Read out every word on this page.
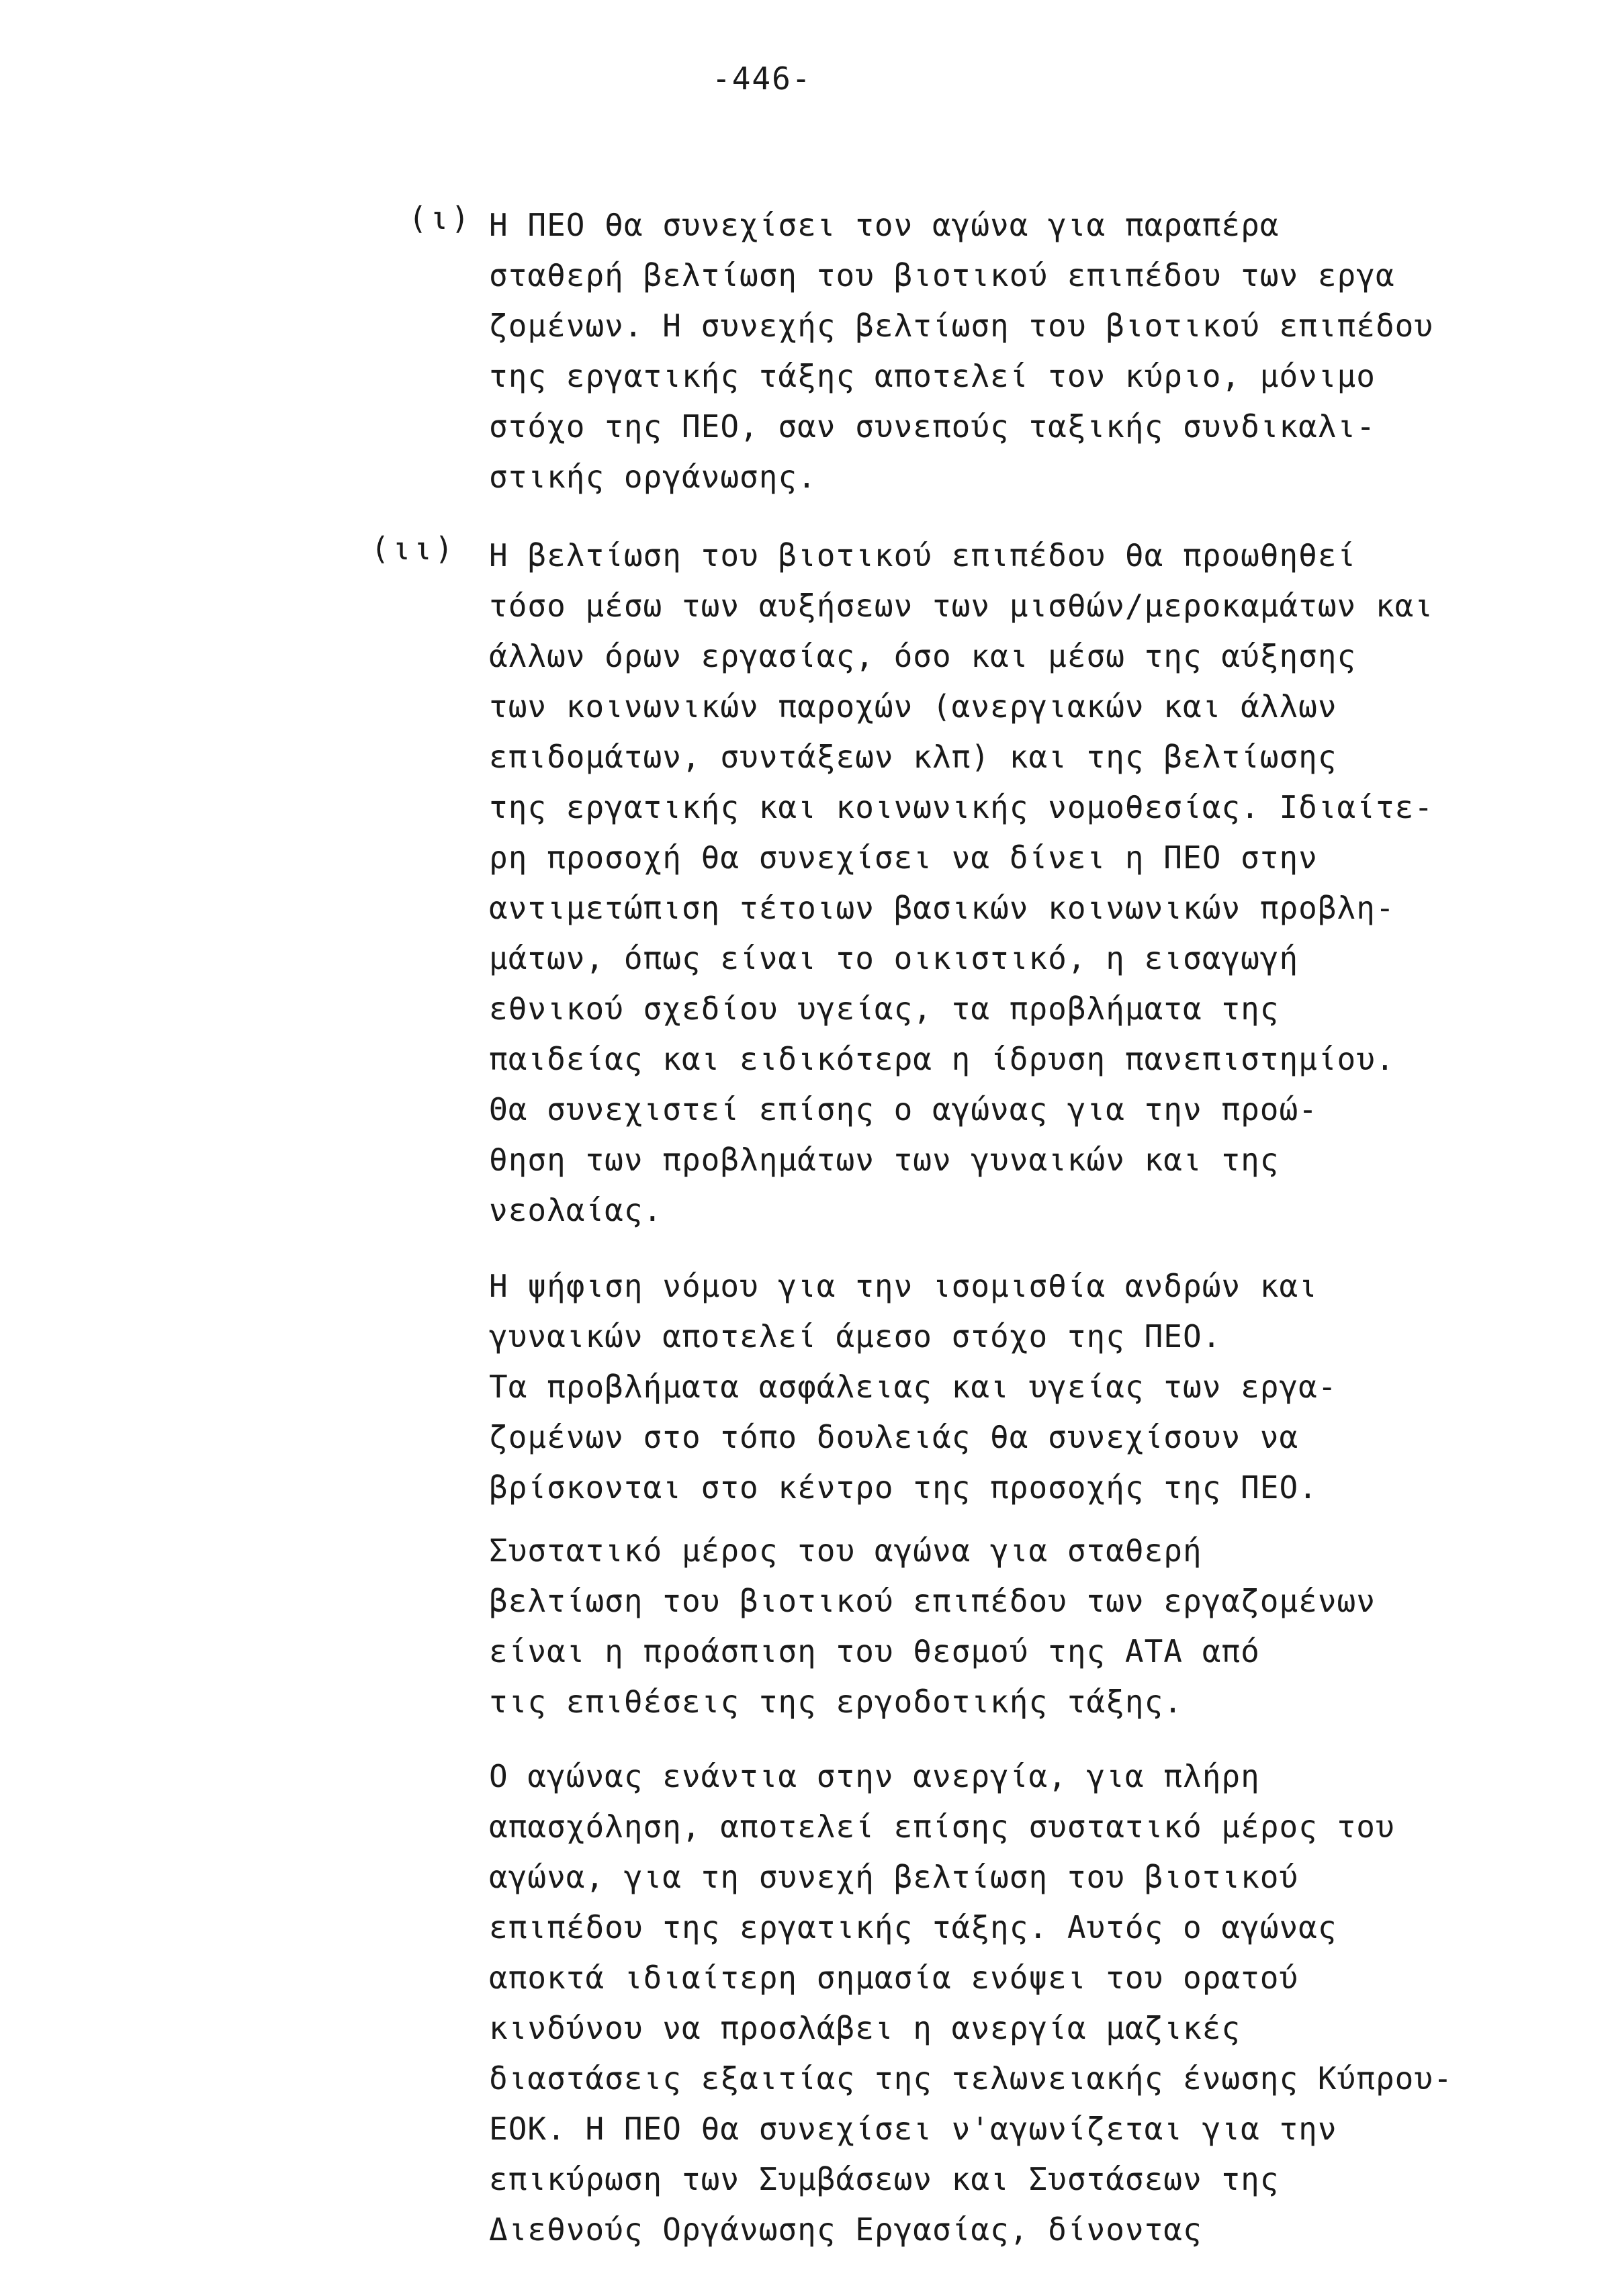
-446-
(ι) Η ΠΕΟ θα συνεχίσει τον αγώνα για παραπέρα
σταθερή βελτίωση του βιοτικού επιπέδου των εργα
ζομένων. Η συνεχής βελτίωση του βιοτικού επιπέδου
της εργατικής τάξης αποτελεί τον κύριο, μόνιμο
στόχο της ΠΕΟ, σαν συνεπούς ταξικής συνδικαλι-
στικής οργάνωσης.
(ιι) Η βελτίωση του βιοτικού επιπέδου θα προωθηθεί
τόσο μέσω των αυξήσεων των μισθών/μεροκαμάτων και
άλλων όρων εργασίας, όσο και μέσω της αύξησης
των κοινωνικών παροχών (ανεργιακών και άλλων
επιδομάτων, συντάξεων κλπ) και της βελτίωσης
της εργατικής και κοινωνικής νομοθεσίας. Ιδιαίτε-
ρη προσοχή θα συνεχίσει να δίνει η ΠΕΟ στην
αντιμετώπιση τέτοιων βασικών κοινωνικών προβλη-
μάτων, όπως είναι το οικιστικό, η εισαγωγή
εθνικού σχεδίου υγείας, τα προβλήματα της
παιδείας και ειδικότερα η ίδρυση πανεπιστημίου.
Θα συνεχιστεί επίσης ο αγώνας για την προώ-
θηση των προβλημάτων των γυναικών και της
νεολαίας.
Η ψήφιση νόμου για την ισομισθία ανδρών και
γυναικών αποτελεί άμεσο στόχο της ΠΕΟ.
Τα προβλήματα ασφάλειας και υγείας των εργα-
ζομένων στο τόπο δουλειάς θα συνεχίσουν να
βρίσκονται στο κέντρο της προσοχής της ΠΕΟ.
Συστατικό μέρος του αγώνα για σταθερή
βελτίωση του βιοτικού επιπέδου των εργαζομένων
είναι η προάσπιση του θεσμού της ΑΤΑ από
τις επιθέσεις της εργοδοτικής τάξης.
Ο αγώνας ενάντια στην ανεργία, για πλήρη
απασχόληση, αποτελεί επίσης συστατικό μέρος του
αγώνα, για τη συνεχή βελτίωση του βιοτικού
επιπέδου της εργατικής τάξης. Αυτός ο αγώνας
αποκτά ιδιαίτερη σημασία ενόψει του ορατού
κινδύνου να προσλάβει η ανεργία μαζικές
διαστάσεις εξαιτίας της τελωνειακής ένωσης Κύπρου-
ΕΟΚ. Η ΠΕΟ θα συνεχίσει ν'αγωνίζεται για την
επικύρωση των Συμβάσεων και Συστάσεων της
Διεθνούς Οργάνωσης Εργασίας, δίνοντας
